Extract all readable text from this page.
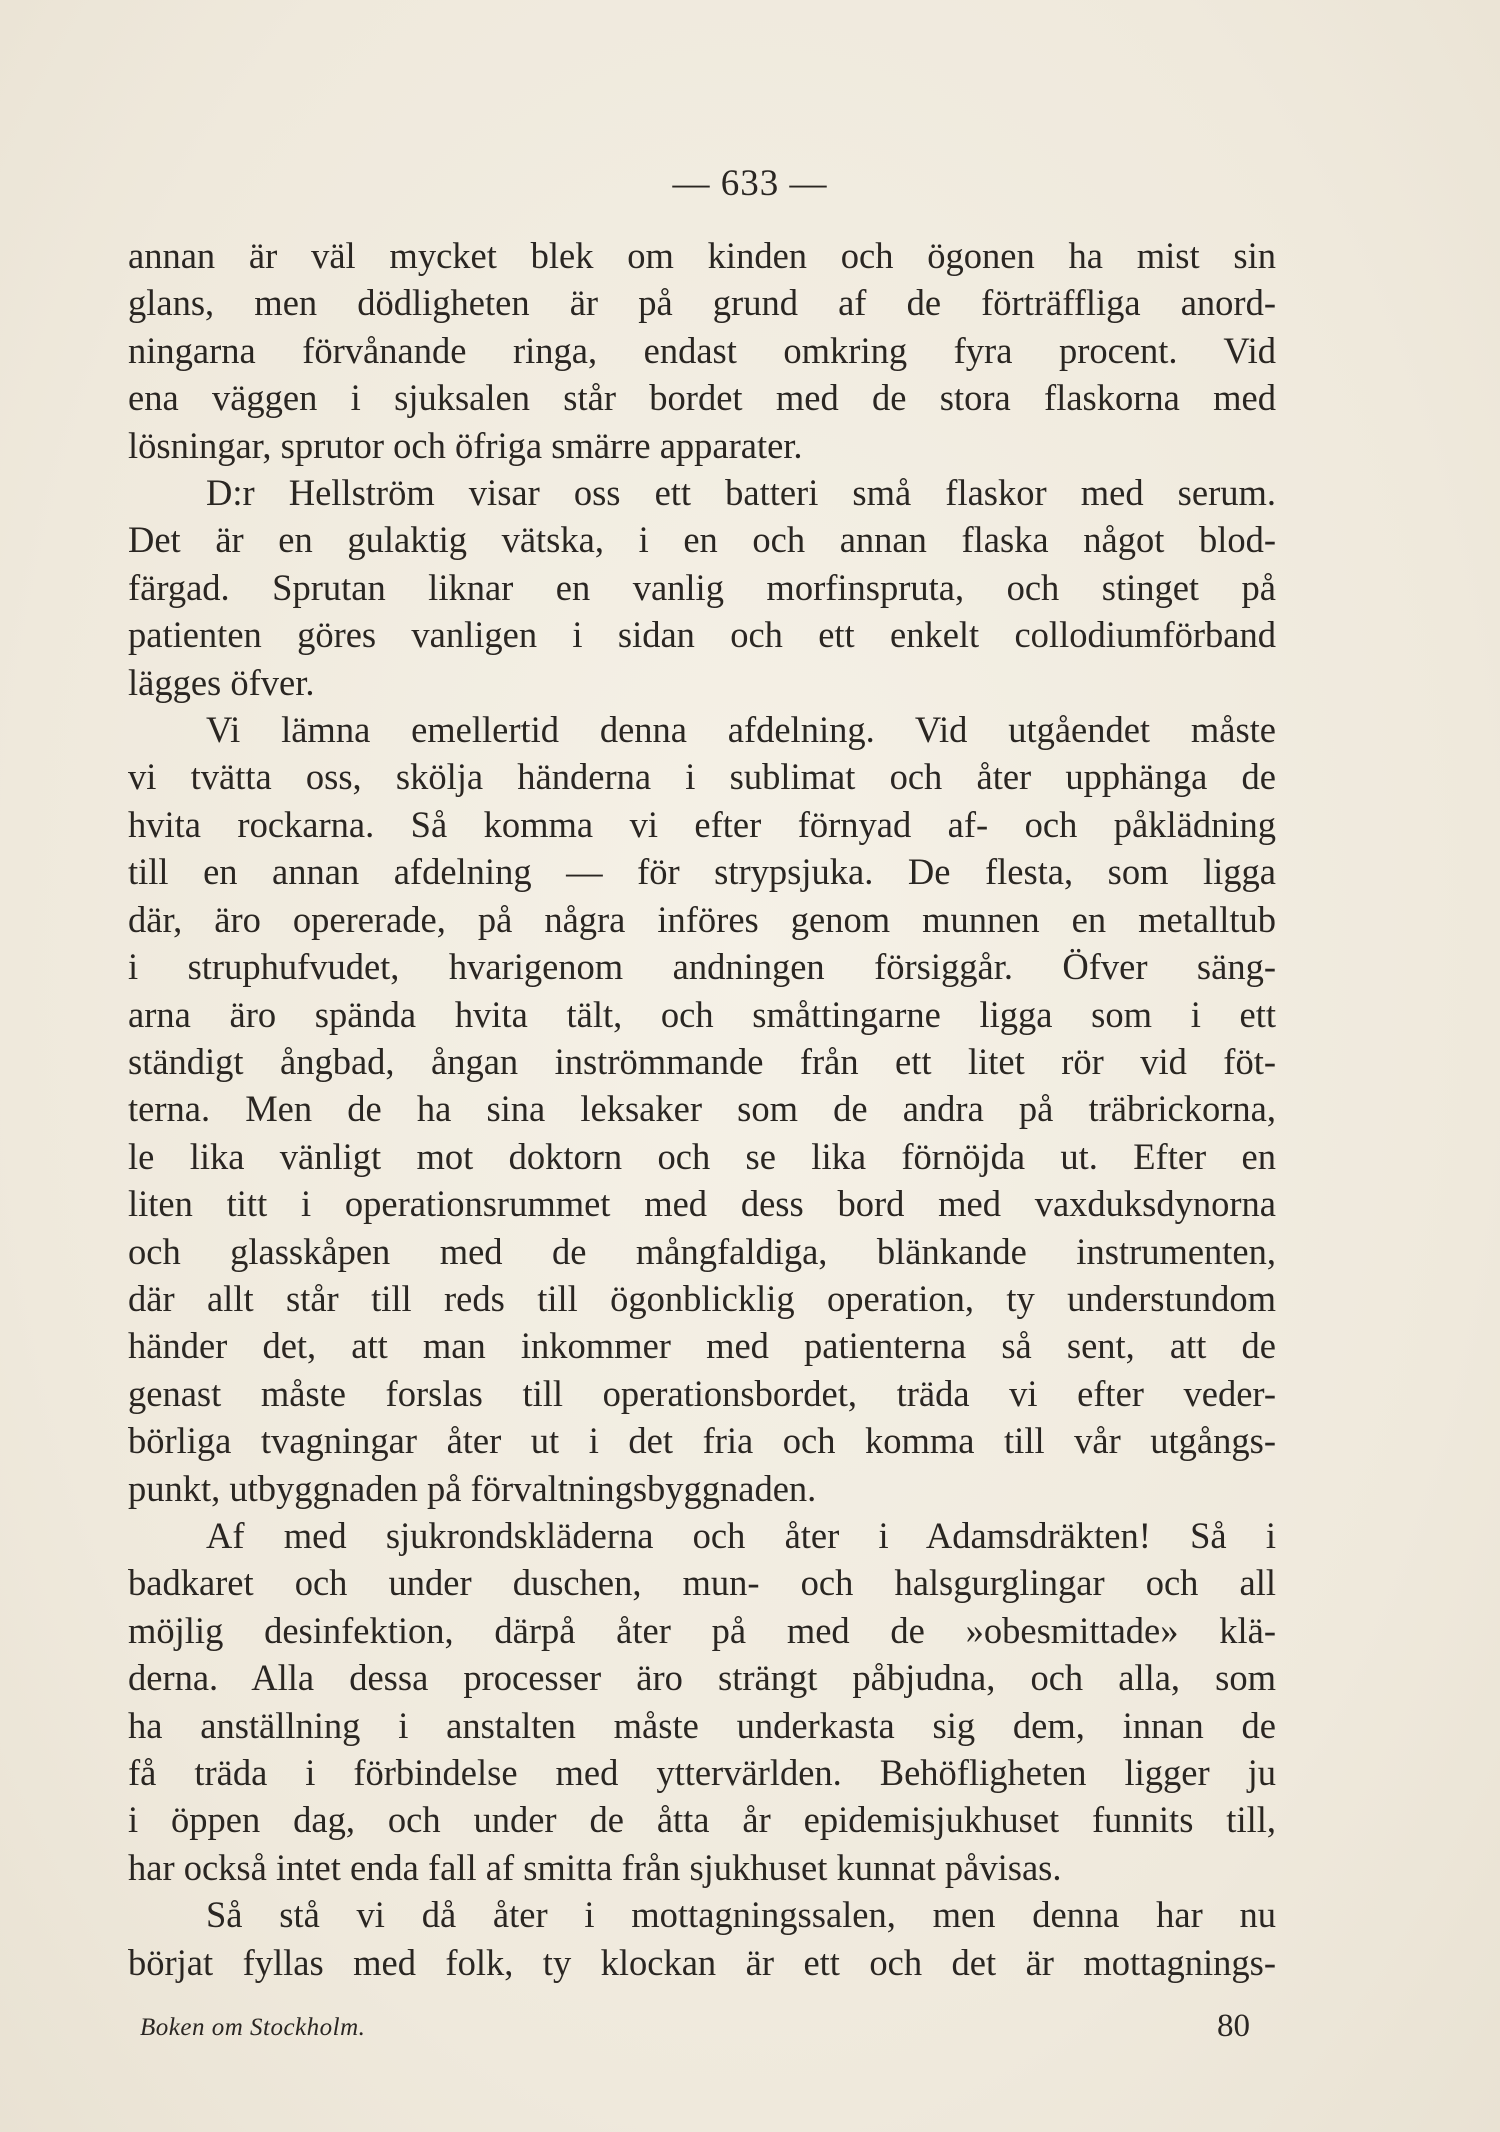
— 633 —
annan är väl mycket blek om kinden och ögonen ha mist sin
glans, men dödligheten är på grund af de förträffliga anord-
ningarna förvånande ringa, endast omkring fyra procent. Vid
ena väggen i sjuksalen står bordet med de stora flaskorna med
lösningar, sprutor och öfriga smärre apparater.
D:r Hellström visar oss ett batteri små flaskor med serum.
Det är en gulaktig vätska, i en och annan flaska något blod-
färgad. Sprutan liknar en vanlig morfinspruta, och stinget på
patienten göres vanligen i sidan och ett enkelt collodiumförband
lägges öfver.
Vi lämna emellertid denna afdelning. Vid utgåendet måste
vi tvätta oss, skölja händerna i sublimat och åter upphänga de
hvita rockarna. Så komma vi efter förnyad af- och påklädning
till en annan afdelning — för strypsjuka. De flesta, som ligga
där, äro opererade, på några införes genom munnen en metalltub
i struphufvudet, hvarigenom andningen försiggår. Öfver säng-
arna äro spända hvita tält, och småttingarne ligga som i ett
ständigt ångbad, ångan inströmmande från ett litet rör vid föt-
terna. Men de ha sina leksaker som de andra på träbrickorna,
le lika vänligt mot doktorn och se lika förnöjda ut. Efter en
liten titt i operationsrummet med dess bord med vaxduksdynorna
och glasskåpen med de mångfaldiga, blänkande instrumenten,
där allt står till reds till ögonblicklig operation, ty understundom
händer det, att man inkommer med patienterna så sent, att de
genast måste forslas till operationsbordet, träda vi efter veder-
börliga tvagningar åter ut i det fria och komma till vår utgångs-
punkt, utbyggnaden på förvaltningsbyggnaden.
Af med sjukrondskläderna och åter i Adamsdräkten! Så i
badkaret och under duschen, mun- och halsgurglingar och all
möjlig desinfektion, därpå åter på med de »obesmittade» klä-
derna. Alla dessa processer äro strängt påbjudna, och alla, som
ha anställning i anstalten måste underkasta sig dem, innan de
få träda i förbindelse med yttervärlden. Behöfligheten ligger ju
i öppen dag, och under de åtta år epidemisjukhuset funnits till,
har också intet enda fall af smitta från sjukhuset kunnat påvisas.
Så stå vi då åter i mottagningssalen, men denna har nu
börjat fyllas med folk, ty klockan är ett och det är mottagnings-
Boken om Stockholm.	80
